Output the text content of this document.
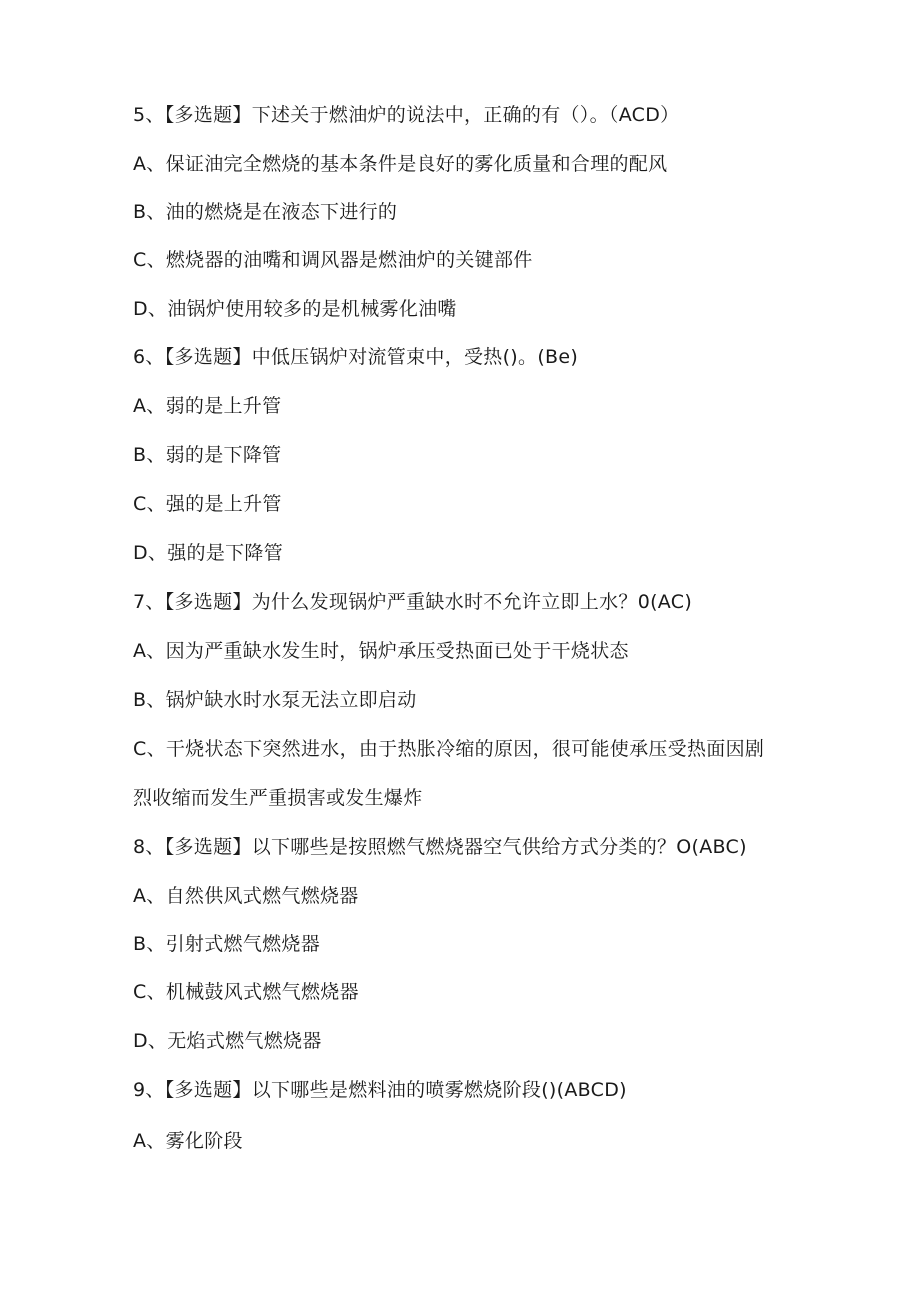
5、【多选题】下述关于燃油炉的说法中，正确的有（）。（ACD）
A、保证油完全燃烧的基本条件是良好的雾化质量和合理的配风
B、油的燃烧是在液态下进行的
C、燃烧器的油嘴和调风器是燃油炉的关键部件
D、油锅炉使用较多的是机械雾化油嘴
6、【多选题】中低压锅炉对流管束中，受热()。(Be)
A、弱的是上升管
B、弱的是下降管
C、强的是上升管
D、强的是下降管
7、【多选题】为什么发现锅炉严重缺水时不允许立即上水？0(AC)
A、因为严重缺水发生时，锅炉承压受热面已处于干烧状态
B、锅炉缺水时水泵无法立即启动
C、干烧状态下突然进水，由于热胀冷缩的原因，很可能使承压受热面因剧
烈收缩而发生严重损害或发生爆炸
8、【多选题】以下哪些是按照燃气燃烧器空气供给方式分类的？O(ABC)
A、自然供风式燃气燃烧器
B、引射式燃气燃烧器
C、机械鼓风式燃气燃烧器
D、无焰式燃气燃烧器
9、【多选题】以下哪些是燃料油的喷雾燃烧阶段()(ABCD)
A、雾化阶段
